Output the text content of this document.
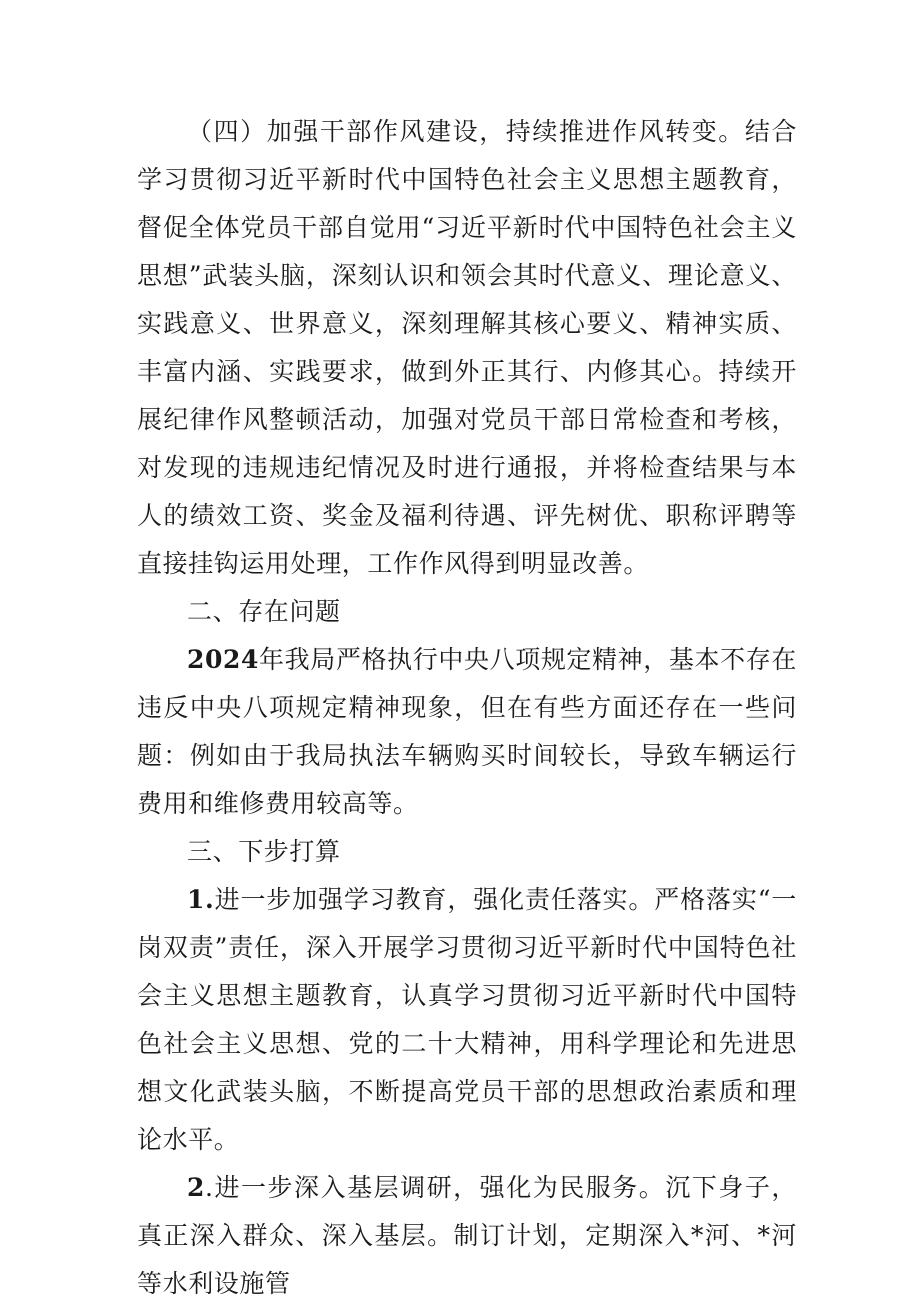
（四）加强干部作风建设，持续推进作风转变。结合学习贯彻习近平新时代中国特色社会主义思想主题教育，督促全体党员干部自觉用“习近平新时代中国特色社会主义思想”武装头脑，深刻认识和领会其时代意义、理论意义、实践意义、世界意义，深刻理解其核心要义、精神实质、丰富内涵、实践要求，做到外正其行、内修其心。持续开展纪律作风整顿活动，加强对党员干部日常检查和考核，对发现的违规违纪情况及时进行通报，并将检查结果与本人的绩效工资、奖金及福利待遇、评先树优、职称评聘等直接挂钩运用处理，工作作风得到明显改善。

二、存在问题

2024年我局严格执行中央八项规定精神，基本不存在违反中央八项规定精神现象，但在有些方面还存在一些问题：例如由于我局执法车辆购买时间较长，导致车辆运行费用和维修费用较高等。

三、下步打算

1.进一步加强学习教育，强化责任落实。严格落实“一岗双责”责任，深入开展学习贯彻习近平新时代中国特色社会主义思想主题教育，认真学习贯彻习近平新时代中国特色社会主义思想、党的二十大精神，用科学理论和先进思想文化武装头脑，不断提高党员干部的思想政治素质和理论水平。

2.进一步深入基层调研，强化为民服务。沉下身子，真正深入群众、深入基层。制订计划，定期深入*河、*河等水利设施管
